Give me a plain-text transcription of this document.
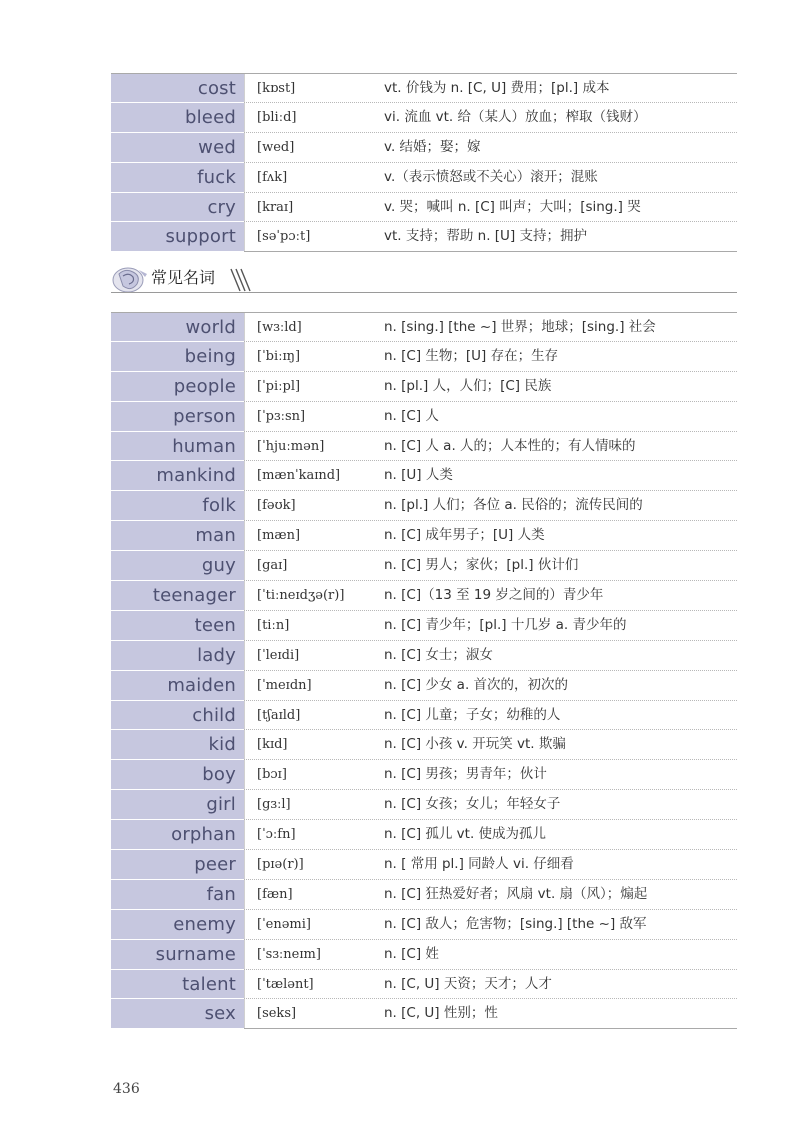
cost	[kɒst]	vt. 价钱为 n. [C, U] 费用；[pl.] 成本
bleed	[bliːd]	vi. 流血 vt. 给（某人）放血；榨取（钱财）
wed	[wed]	v. 结婚；娶；嫁
fuck	[fʌk]	v.（表示愤怒或不关心）滚开；混账
cry	[kraɪ]	v. 哭；喊叫 n. [C] 叫声；大叫；[sing.] 哭
support	[səˈpɔːt]	vt. 支持；帮助 n. [U] 支持；拥护
常见名词
world	[wɜːld]	n. [sing.] [the ~] 世界；地球；[sing.] 社会
being	[ˈbiːɪŋ]	n. [C] 生物；[U] 存在；生存
people	[ˈpiːpl]	n. [pl.] 人，人们；[C] 民族
person	[ˈpɜːsn]	n. [C] 人
human	[ˈhjuːmən]	n. [C] 人 a. 人的；人本性的；有人情味的
mankind	[mænˈkaɪnd]	n. [U] 人类
folk	[fəʊk]	n. [pl.] 人们；各位 a. 民俗的；流传民间的
man	[mæn]	n. [C] 成年男子；[U] 人类
guy	[gaɪ]	n. [C] 男人；家伙；[pl.] 伙计们
teenager	[ˈtiːneɪdʒə(r)]	n. [C]（13 至 19 岁之间的）青少年
teen	[tiːn]	n. [C] 青少年；[pl.] 十几岁 a. 青少年的
lady	[ˈleɪdi]	n. [C] 女士；淑女
maiden	[ˈmeɪdn]	n. [C] 少女 a. 首次的，初次的
child	[tʃaɪld]	n. [C] 儿童；子女；幼稚的人
kid	[kɪd]	n. [C] 小孩 v. 开玩笑 vt. 欺骗
boy	[bɔɪ]	n. [C] 男孩；男青年；伙计
girl	[gɜːl]	n. [C] 女孩；女儿；年轻女子
orphan	[ˈɔːfn]	n. [C] 孤儿 vt. 使成为孤儿
peer	[pɪə(r)]	n. [ 常用 pl.] 同龄人 vi. 仔细看
fan	[fæn]	n. [C] 狂热爱好者；风扇 vt. 扇（风）；煽起
enemy	[ˈenəmi]	n. [C] 敌人；危害物；[sing.] [the ~] 敌军
surname	[ˈsɜːneɪm]	n. [C] 姓
talent	[ˈtælənt]	n. [C, U] 天资；天才；人才
sex	[seks]	n. [C, U] 性别；性
436
